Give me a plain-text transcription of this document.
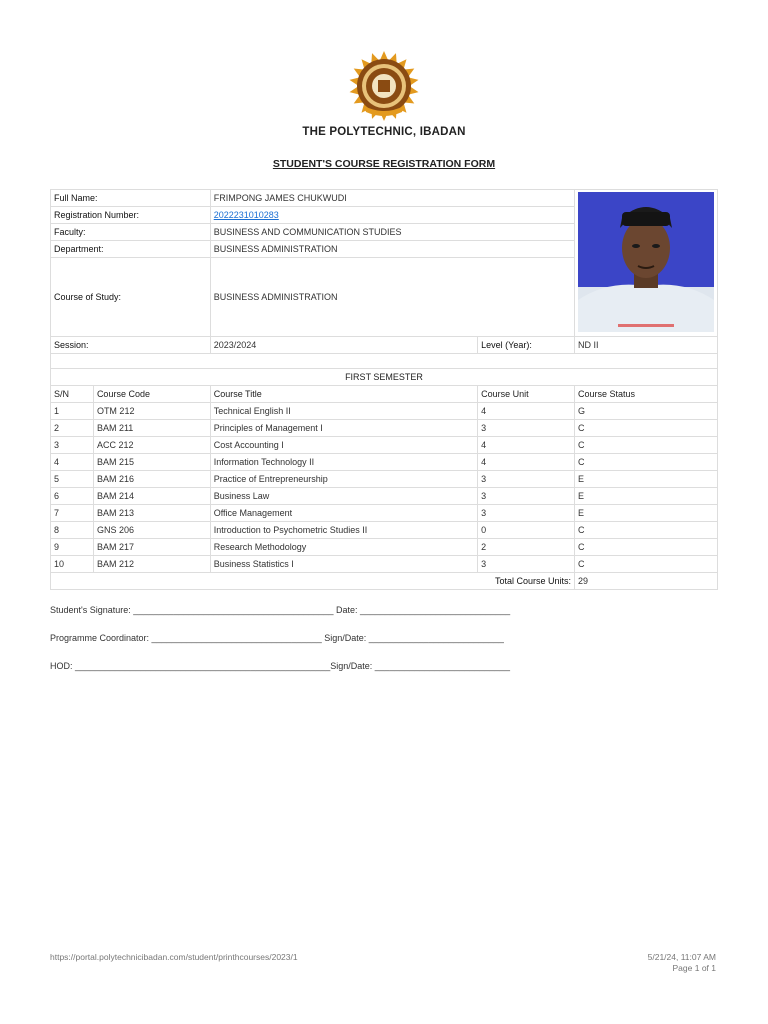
THE POLYTECHNIC, IBADAN
STUDENT'S COURSE REGISTRATION FORM
Full Name:		FRIMPONG JAMES CHUKWUDI	
Registration Number:		2022231010283		
Faculty:		BUSINESS AND COMMUNICATION STUDIES		
Department:		BUSINESS ADMINISTRATION		
Course of Study:		BUSINESS ADMINISTRATION		
Session:		2023/2024	Level (Year):	ND II

FIRST SEMESTER				
S/N	Course Code	Course Title	Course Unit	Course Status
1	OTM 212	Technical English II	4	G
2	BAM 211	Principles of Management I	3	C
3	ACC 212	Cost Accounting I	4	C
4	BAM 215	Information Technology II	4	C
5	BAM 216	Practice of Entrepreneurship	3	E
6	BAM 214	Business Law	3	E
7	BAM 213	Office Management	3	E
8	GNS 206	Introduction to Psychometric Studies II	0	C
9	BAM 217	Research Methodology	2	C
10	BAM 212	Business Statistics I	3	C
Total Course Units:				29
Student's Signature: ________________________________________ Date: ______________________________
Programme Coordinator: __________________________________ Sign/Date: ___________________________
HOD: ___________________________________________________Sign/Date: ___________________________
https://portal.polytechnicibadan.com/student/printhcourses/2023/1	5/21/24, 11:07 AM
Page 1 of 1
